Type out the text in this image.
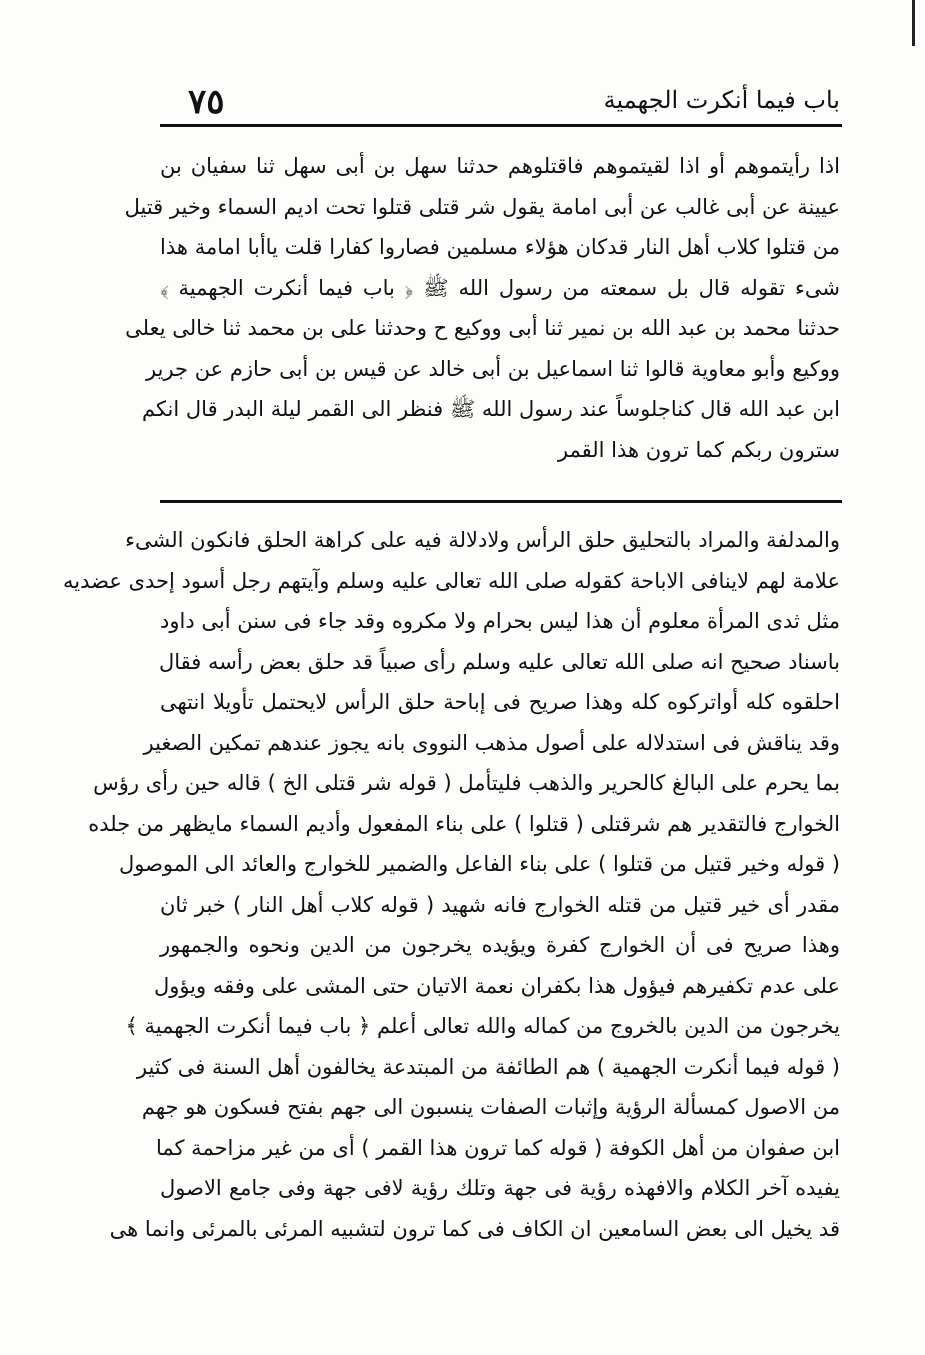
باب فيما أنكرت الجهمية
٧٥
اذا رأيتموهم أو اذا لقيتموهم فاقتلوهم حدثنا سهل بن أبى سهل ثنا سفيان بن
عيينة عن أبى غالب عن أبى امامة يقول شر قتلى قتلوا تحت اديم السماء وخير قتيل
من قتلوا كلاب أهل النار قدكان هؤلاء مسلمين فصاروا كفارا قلت ياأبا امامة هذا
شىء تقوله قال بل سمعته من رسول الله ﷺ ﴿ باب فيما أنكرت الجهمية ﴾
حدثنا محمد بن عبد الله بن نمير ثنا أبى ووكيع ح وحدثنا على بن محمد ثنا خالى يعلى
ووكيع وأبو معاوية قالوا ثنا اسماعيل بن أبى خالد عن قيس بن أبى حازم عن جرير
ابن عبد الله قال كناجلوساً عند رسول الله ﷺ فنظر الى القمر ليلة البدر قال انكم
سترون ربكم كما ترون هذا القمر
والمدلفة والمراد بالتحليق حلق الرأس ولادلالة فيه على كراهة الحلق فانكون الشىء
علامة لهم لاينافى الاباحة كقوله صلى الله تعالى عليه وسلم وآيتهم رجل أسود إحدى عضديه
مثل ثدى المرأة معلوم أن هذا ليس بحرام ولا مكروه وقد جاء فى سنن أبى داود
باسناد صحيح انه صلى الله تعالى عليه وسلم رأى صبياً قد حلق بعض رأسه فقال
احلقوه كله أواتركوه كله وهذا صريح فى إباحة حلق الرأس لايحتمل تأويلا انتهى
وقد يناقش فى استدلاله على أصول مذهب النووى بانه يجوز عندهم تمكين الصغير
بما يحرم على البالغ كالحرير والذهب فليتأمل ( قوله شر قتلى الخ ) قاله حين رأى رؤس
الخوارج فالتقدير هم شرقتلى ( قتلوا ) على بناء المفعول وأديم السماء مايظهر من جلده
( قوله وخير قتيل من قتلوا ) على بناء الفاعل والضمير للخوارج والعائد الى الموصول
مقدر أى خير قتيل من قتله الخوارج فانه شهيد ( قوله كلاب أهل النار ) خبر ثان
وهذا صريح فى أن الخوارج كفرة ويؤيده يخرجون من الدين ونحوه والجمهور
على عدم تكفيرهم فيؤول هذا بكفران نعمة الاتيان حتى المشى على وفقه ويؤول
يخرجون من الدين بالخروج من كماله والله تعالى أعلم ﴿ باب فيما أنكرت الجهمية ﴾
( قوله فيما أنكرت الجهمية ) هم الطائفة من المبتدعة يخالفون أهل السنة فى كثير
من الاصول كمسألة الرؤية وإثبات الصفات ينسبون الى جهم بفتح فسكون هو جهم
ابن صفوان من أهل الكوفة ( قوله كما ترون هذا القمر ) أى من غير مزاحمة كما
يفيده آخر الكلام والافهذه رؤية فى جهة وتلك رؤية لافى جهة وفى جامع الاصول
قد يخيل الى بعض السامعين ان الكاف فى كما ترون لتشبيه المرئى بالمرئى وانما هى
